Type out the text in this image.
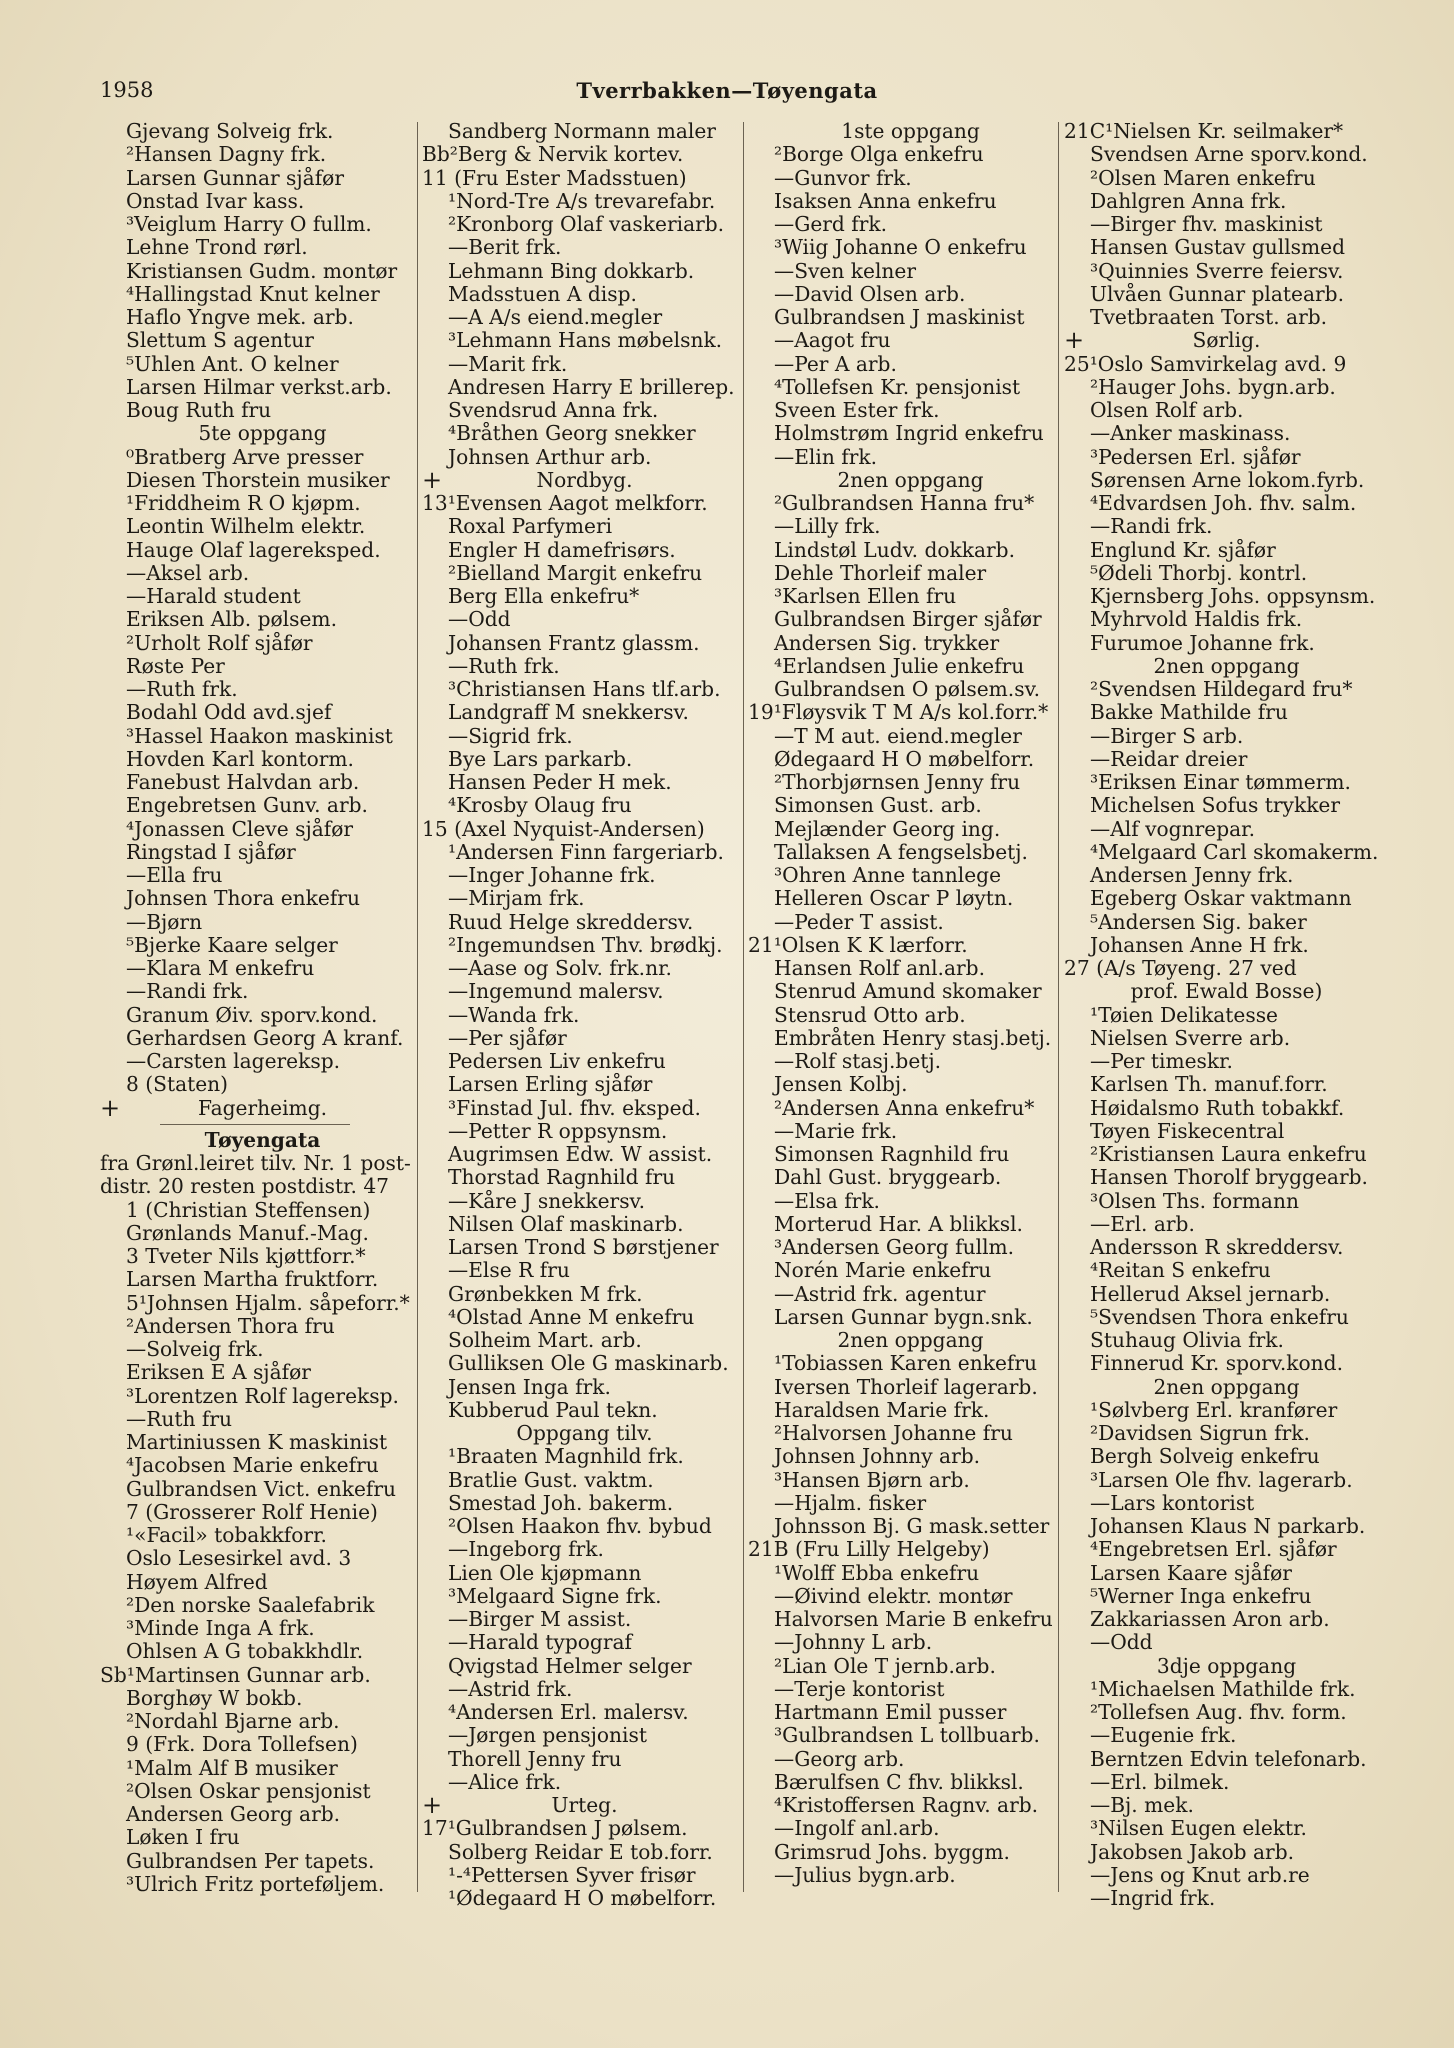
1958	Tverrbakken—Tøyengata
Gjevang Solveig frk.
²Hansen Dagny frk.
Larsen Gunnar sjåfør
Onstad Ivar kass.
³Veiglum Harry O fullm.
Lehne Trond rørl.
Kristiansen Gudm. montør
⁴Hallingstad Knut kelner
Haflo Yngve mek. arb.
Slettum S agentur
⁵Uhlen Ant. O kelner
Larsen Hilmar verkst.arb.
Boug Ruth fru
5te oppgang
⁰Bratberg Arve presser
Diesen Thorstein musiker
¹Friddheim R O kjøpm.
Leontin Wilhelm elektr.
Hauge Olaf lagereksped.
—Aksel arb.
—Harald student
Eriksen Alb. pølsem.
²Urholt Rolf sjåfør
Røste Per
—Ruth frk.
Bodahl Odd avd.sjef
³Hassel Haakon maskinist
Hovden Karl kontorm.
Fanebust Halvdan arb.
Engebretsen Gunv. arb.
⁴Jonassen Cleve sjåfør
Ringstad I sjåfør
—Ella fru
Johnsen Thora enkefru
—Bjørn
⁵Bjerke Kaare selger
—Klara M enkefru
—Randi frk.
Granum Øiv. sporv.kond.
Gerhardsen Georg A kranf.
—Carsten lagereksp.
8 (Staten)
+	Fagerheimg.
Tøyengata
fra Grønl.leiret tilv. Nr. 1 post-
distr. 20 resten postdistr. 47
1 (Christian Steffensen)
Grønlands Manuf.-Mag.
3 Tveter Nils kjøttforr.*
Larsen Martha fruktforr.
5¹Johnsen Hjalm. såpeforr.*
²Andersen Thora fru
—Solveig frk.
Eriksen E A sjåfør
³Lorentzen Rolf lagereksp.
—Ruth fru
Martiniussen K maskinist
⁴Jacobsen Marie enkefru
Gulbrandsen Vict. enkefru
7 (Grosserer Rolf Henie)
¹«Facil» tobakkforr.
Oslo Lesesirkel avd. 3
Høyem Alfred
²Den norske Saalefabrik
³Minde Inga A frk.
Ohlsen A G tobakkhdlr.
Sb¹Martinsen Gunnar arb.
Borghøy W bokb.
²Nordahl Bjarne arb.
9 (Frk. Dora Tollefsen)
¹Malm Alf B musiker
²Olsen Oskar pensjonist
Andersen Georg arb.
Løken I fru
Gulbrandsen Per tapets.
³Ulrich Fritz porteføljem.
Sandberg Normann maler
Bb²Berg & Nervik kortev.
11 (Fru Ester Madsstuen)
¹Nord-Tre A/s trevarefabr.
²Kronborg Olaf vaskeriarb.
—Berit frk.
Lehmann Bing dokkarb.
Madsstuen A disp.
—A A/s eiend.megler
³Lehmann Hans møbelsnk.
—Marit frk.
Andresen Harry E brillerep.
Svendsrud Anna frk.
⁴Bråthen Georg snekker
Johnsen Arthur arb.
+	Nordbyg.
13¹Evensen Aagot melkforr.
Roxal Parfymeri
Engler H damefrisørs.
²Bielland Margit enkefru
Berg Ella enkefru*
—Odd
Johansen Frantz glassm.
—Ruth frk.
³Christiansen Hans tlf.arb.
Landgraff M snekkersv.
—Sigrid frk.
Bye Lars parkarb.
Hansen Peder H mek.
⁴Krosby Olaug fru
15 (Axel Nyquist-Andersen)
¹Andersen Finn fargeriarb.
—Inger Johanne frk.
—Mirjam frk.
Ruud Helge skreddersv.
²Ingemundsen Thv. brødkj.
—Aase og Solv. frk.nr.
—Ingemund malersv.
—Wanda frk.
—Per sjåfør
Pedersen Liv enkefru
Larsen Erling sjåfør
³Finstad Jul. fhv. eksped.
—Petter R oppsynsm.
Augrimsen Edw. W assist.
Thorstad Ragnhild fru
—Kåre J snekkersv.
Nilsen Olaf maskinarb.
Larsen Trond S børstjener
—Else R fru
Grønbekken M frk.
⁴Olstad Anne M enkefru
Solheim Mart. arb.
Gulliksen Ole G maskinarb.
Jensen Inga frk.
Kubberud Paul tekn.
Oppgang tilv.
¹Braaten Magnhild frk.
Bratlie Gust. vaktm.
Smestad Joh. bakerm.
²Olsen Haakon fhv. bybud
—Ingeborg frk.
Lien Ole kjøpmann
³Melgaard Signe frk.
—Birger M assist.
—Harald typograf
Qvigstad Helmer selger
—Astrid frk.
⁴Andersen Erl. malersv.
—Jørgen pensjonist
Thorell Jenny fru
—Alice frk.
+	Urteg.
17¹Gulbrandsen J pølsem.
Solberg Reidar E tob.forr.
¹-⁴Pettersen Syver frisør
¹Ødegaard H O møbelforr.
1ste oppgang
²Borge Olga enkefru
—Gunvor frk.
Isaksen Anna enkefru
—Gerd frk.
³Wiig Johanne O enkefru
—Sven kelner
—David Olsen arb.
Gulbrandsen J maskinist
—Aagot fru
—Per A arb.
⁴Tollefsen Kr. pensjonist
Sveen Ester frk.
Holmstrøm Ingrid enkefru
—Elin frk.
2nen oppgang
²Gulbrandsen Hanna fru*
—Lilly frk.
Lindstøl Ludv. dokkarb.
Dehle Thorleif maler
³Karlsen Ellen fru
Gulbrandsen Birger sjåfør
Andersen Sig. trykker
⁴Erlandsen Julie enkefru
Gulbrandsen O pølsem.sv.
19¹Fløysvik T M A/s kol.forr.*
—T M aut. eiend.megler
Ødegaard H O møbelforr.
²Thorbjørnsen Jenny fru
Simonsen Gust. arb.
Mejlænder Georg ing.
Tallaksen A fengselsbetj.
³Ohren Anne tannlege
Helleren Oscar P løytn.
—Peder T assist.
21¹Olsen K K lærforr.
Hansen Rolf anl.arb.
Stenrud Amund skomaker
Stensrud Otto arb.
Embråten Henry stasj.betj.
—Rolf stasj.betj.
Jensen Kolbj.
²Andersen Anna enkefru*
—Marie frk.
Simonsen Ragnhild fru
Dahl Gust. bryggearb.
—Elsa frk.
Morterud Har. A blikksl.
³Andersen Georg fullm.
Norén Marie enkefru
—Astrid frk. agentur
Larsen Gunnar bygn.snk.
2nen oppgang
¹Tobiassen Karen enkefru
Iversen Thorleif lagerarb.
Haraldsen Marie frk.
²Halvorsen Johanne fru
Johnsen Johnny arb.
³Hansen Bjørn arb.
—Hjalm. fisker
Johnsson Bj. G mask.setter
21B (Fru Lilly Helgeby)
¹Wolff Ebba enkefru
—Øivind elektr. montør
Halvorsen Marie B enkefru
—Johnny L arb.
²Lian Ole T jernb.arb.
—Terje kontorist
Hartmann Emil pusser
³Gulbrandsen L tollbuarb.
—Georg arb.
Bærulfsen C fhv. blikksl.
⁴Kristoffersen Ragnv. arb.
—Ingolf anl.arb.
Grimsrud Johs. byggm.
—Julius bygn.arb.
21C¹Nielsen Kr. seilmaker*
Svendsen Arne sporv.kond.
²Olsen Maren enkefru
Dahlgren Anna frk.
—Birger fhv. maskinist
Hansen Gustav gullsmed
³Quinnies Sverre feiersv.
Ulvåen Gunnar platearb.
Tvetbraaten Torst. arb.
+	Sørlig.
25¹Oslo Samvirkelag avd. 9
²Hauger Johs. bygn.arb.
Olsen Rolf arb.
—Anker maskinass.
³Pedersen Erl. sjåfør
Sørensen Arne lokom.fyrb.
⁴Edvardsen Joh. fhv. salm.
—Randi frk.
Englund Kr. sjåfør
⁵Ødeli Thorbj. kontrl.
Kjernsberg Johs. oppsynsm.
Myhrvold Haldis frk.
Furumoe Johanne frk.
2nen oppgang
²Svendsen Hildegard fru*
Bakke Mathilde fru
—Birger S arb.
—Reidar dreier
³Eriksen Einar tømmerm.
Michelsen Sofus trykker
—Alf vognrepar.
⁴Melgaard Carl skomakerm.
Andersen Jenny frk.
Egeberg Oskar vaktmann
⁵Andersen Sig. baker
Johansen Anne H frk.
27 (A/s Tøyeng. 27 ved
prof. Ewald Bosse)
¹Tøien Delikatesse
Nielsen Sverre arb.
—Per timeskr.
Karlsen Th. manuf.forr.
Høidalsmo Ruth tobakkf.
Tøyen Fiskecentral
²Kristiansen Laura enkefru
Hansen Thorolf bryggearb.
³Olsen Ths. formann
—Erl. arb.
Andersson R skreddersv.
⁴Reitan S enkefru
Hellerud Aksel jernarb.
⁵Svendsen Thora enkefru
Stuhaug Olivia frk.
Finnerud Kr. sporv.kond.
2nen oppgang
¹Sølvberg Erl. kranfører
²Davidsen Sigrun frk.
Bergh Solveig enkefru
³Larsen Ole fhv. lagerarb.
—Lars kontorist
Johansen Klaus N parkarb.
⁴Engebretsen Erl. sjåfør
Larsen Kaare sjåfør
⁵Werner Inga enkefru
Zakkariassen Aron arb.
—Odd
3dje oppgang
¹Michaelsen Mathilde frk.
²Tollefsen Aug. fhv. form.
—Eugenie frk.
Berntzen Edvin telefonarb.
—Erl. bilmek.
—Bj. mek.
³Nilsen Eugen elektr.
Jakobsen Jakob arb.
—Jens og Knut arb.re
—Ingrid frk.
